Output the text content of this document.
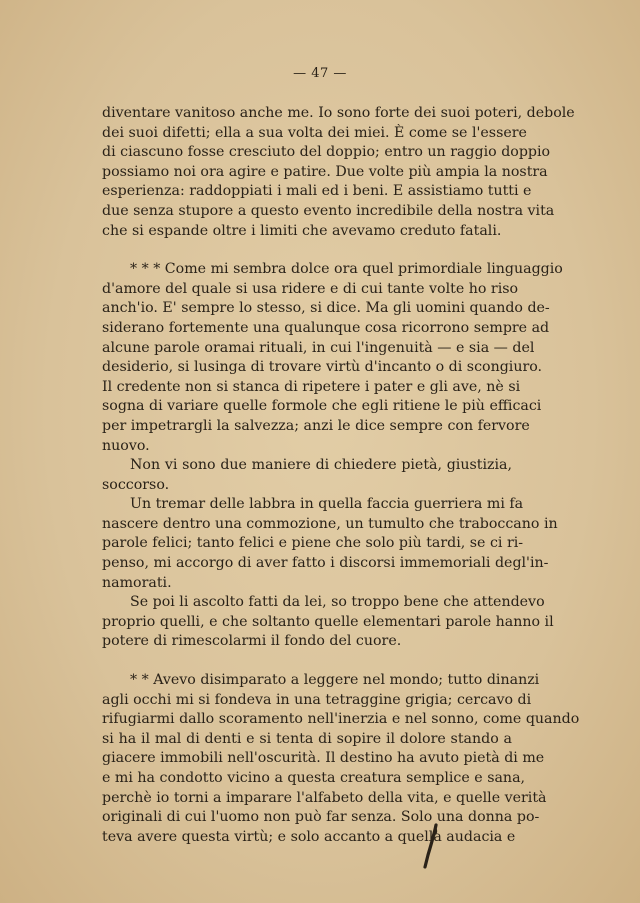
— 47 —

diventare vanitoso anche me. Io sono forte dei suoi poteri, debole
dei suoi difetti; ella a sua volta dei miei. È come se l'essere
di ciascuno fosse cresciuto del doppio; entro un raggio doppio
possiamo noi ora agire e patire. Due volte più ampia la nostra
esperienza: raddoppiati i mali ed i beni. E assistiamo tutti e
due senza stupore a questo evento incredibile della nostra vita
che si espande oltre i limiti che avevamo creduto fatali.

* * * Come mi sembra dolce ora quel primordiale linguaggio
d'amore del quale si usa ridere e di cui tante volte ho riso
anch'io. E' sempre lo stesso, si dice. Ma gli uomini quando de-
siderano fortemente una qualunque cosa ricorrono sempre ad
alcune parole oramai rituali, in cui l'ingenuità — e sia — del
desiderio, si lusinga di trovare virtù d'incanto o di scongiuro.
Il credente non si stanca di ripetere i pater e gli ave, nè si
sogna di variare quelle formole che egli ritiene le più efficaci
per impetrargli la salvezza; anzi le dice sempre con fervore
nuovo.

Non vi sono due maniere di chiedere pietà, giustizia,
soccorso.

Un tremar delle labbra in quella faccia guerriera mi fa
nascere dentro una commozione, un tumulto che traboccano in
parole felici; tanto felici e piene che solo più tardi, se ci ri-
penso, mi accorgo di aver fatto i discorsi immemoriali degl'in-
namorati.

Se poi li ascolto fatti da lei, so troppo bene che attendevo
proprio quelli, e che soltanto quelle elementari parole hanno il
potere di rimescolarmi il fondo del cuore.

* * Avevo disimparato a leggere nel mondo; tutto dinanzi
agli occhi mi si fondeva in una tetraggine grigia; cercavo di
rifugiarmi dallo scoramento nell'inerzia e nel sonno, come quando
si ha il mal di denti e si tenta di sopire il dolore stando a
giacere immobili nell'oscurità. Il destino ha avuto pietà di me
e mi ha condotto vicino a questa creatura semplice e sana,
perchè io torni a imparare l'alfabeto della vita, e quelle verità
originali di cui l'uomo non può far senza. Solo una donna po-
teva avere questa virtù; e solo accanto a quella audacia e
